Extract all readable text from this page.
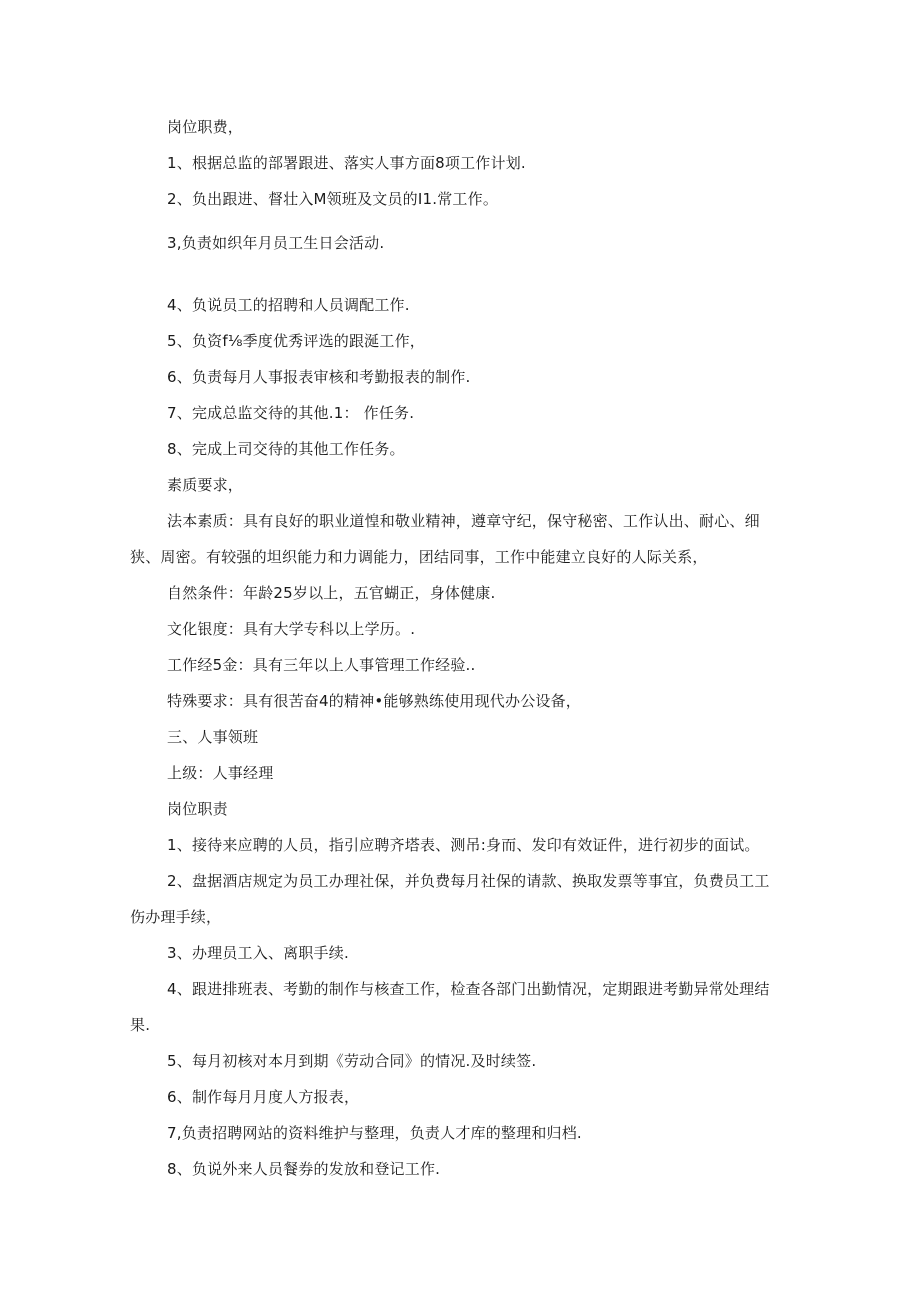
岗位职费，
1、根据总监的部署跟进、落实人事方面8项工作计划.
2、负出跟进、督壮入M领班及文员的I1.常工作。
3,负责如织年月员工生日会活动.
4、负说员工的招聘和人员调配工作.
5、负资f⅛季度优秀评选的跟涎工作，
6、负责每月人事报表审核和考勤报表的制作.
7、完成总监交待的其他.1： 作任务.
8、完成上司交待的其他工作任务。
素质要求，
法本素质：具有良好的职业道惶和敬业精神，遵章守纪，保守秘密、工作认出、耐心、细狭、周密。有较强的坦织能力和力调能力，团结同事，工作中能建立良好的人际关系，
自然条件：年龄25岁以上，五官蝴正，身体健康.
文化银度：具有大学专科以上学历。.
工作经5金：具有三年以上人事管理工作经验..
特殊要求：具有很苦奋4的精神•能够熟练使用现代办公设备，
三、人事领班
上级：人事经理
岗位职责
1、接待来应聘的人员，指引应聘齐塔表、测吊:身而、发印有效证件，进行初步的面试。
2、盘据酒店规定为员工办理社保，并负费每月社保的请款、换取发票等事宜，负费员工工伤办理手续，
3、办理员工入、离职手续.
4、跟进排班表、考勤的制作与核查工作，检查各部门出勤情况，定期跟进考勤异常处理结果.
5、每月初核对本月到期《劳动合同》的情况.及时续签.
6、制作每月月度人方报表，
7,负责招聘网站的资料维护与整理，负责人才库的整理和归档.
8、负说外来人员餐券的发放和登记工作.
